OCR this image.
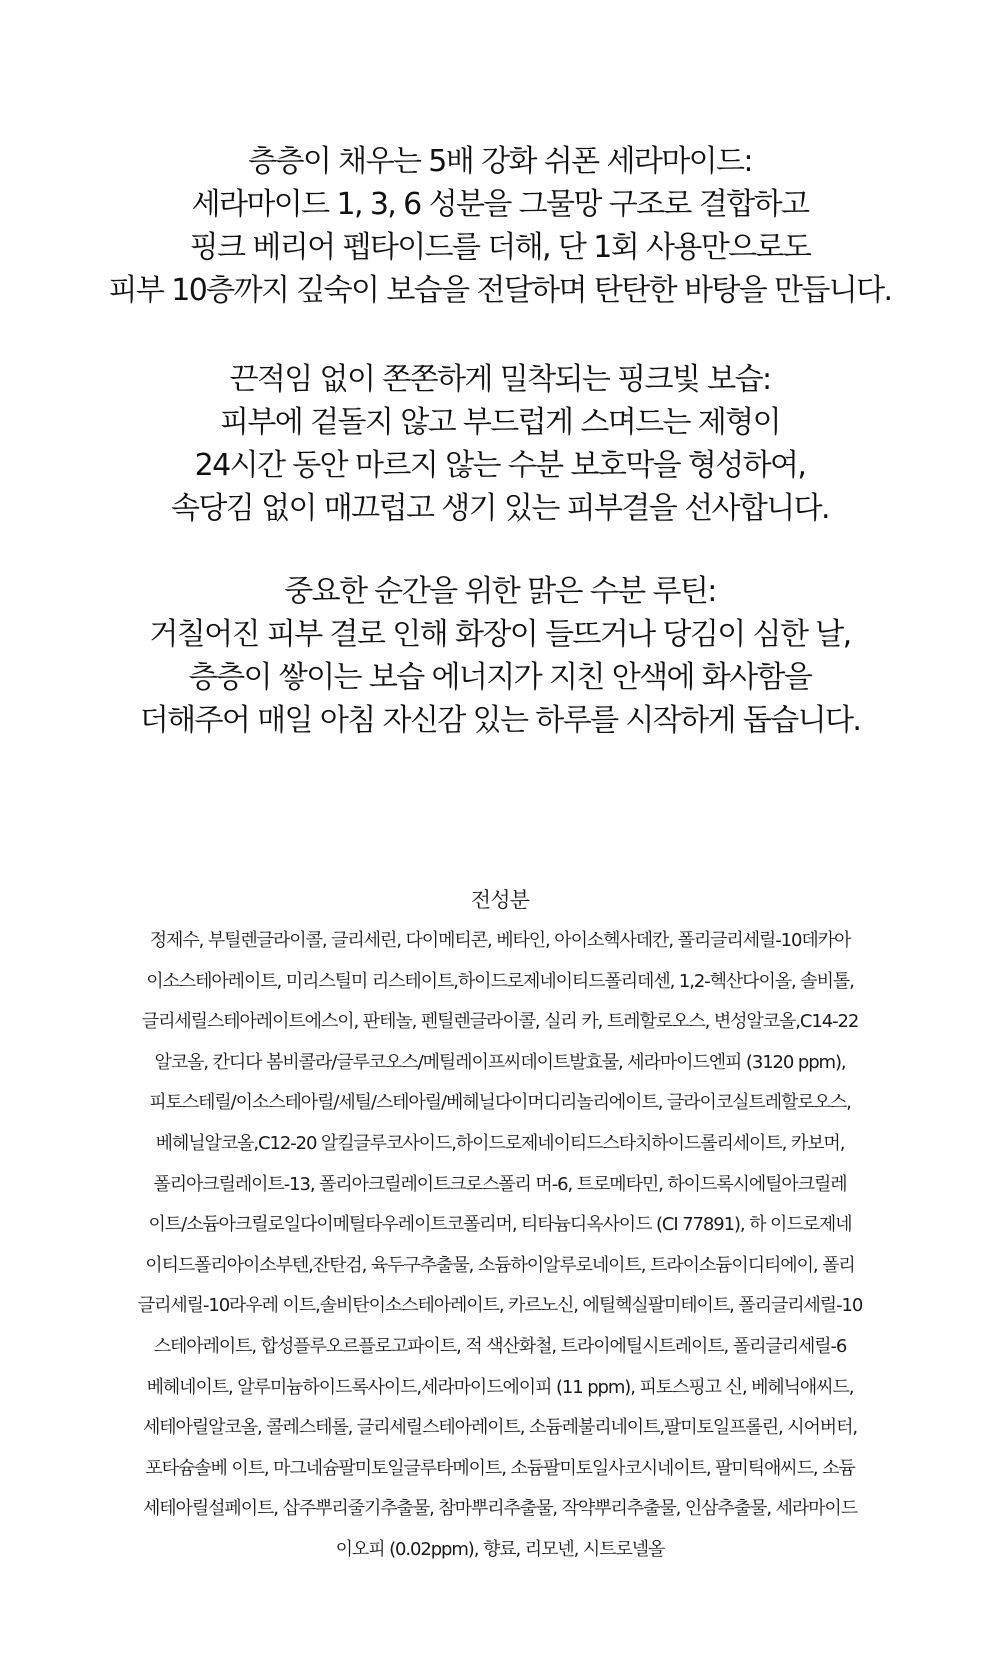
층층이 채우는 5배 강화 쉬폰 세라마이드:
세라마이드 1, 3, 6 성분을 그물망 구조로 결합하고
핑크 베리어 펩타이드를 더해, 단 1회 사용만으로도
피부 10층까지 깊숙이 보습을 전달하며 탄탄한 바탕을 만듭니다.
끈적임 없이 쫀쫀하게 밀착되는 핑크빛 보습:
피부에 겉돌지 않고 부드럽게 스며드는 제형이
24시간 동안 마르지 않는 수분 보호막을 형성하여,
속당김 없이 매끄럽고 생기 있는 피부결을 선사합니다.
중요한 순간을 위한 맑은 수분 루틴:
거칠어진 피부 결로 인해 화장이 들뜨거나 당김이 심한 날,
층층이 쌓이는 보습 에너지가 지친 안색에 화사함을
더해주어 매일 아침 자신감 있는 하루를 시작하게 돕습니다.
전성분
정제수, 부틸렌글라이콜, 글리세린, 다이메티콘, 베타인, 아이소헥사데칸, 폴리글리세릴-10데카아
이소스테아레이트, 미리스틸미 리스테이트,하이드로제네이티드폴리데센, 1,2-헥산다이올, 솔비톨,
글리세릴스테아레이트에스이, 판테놀, 펜틸렌글라이콜, 실리 카, 트레할로오스, 변성알코올,C14-22
알코올, 칸디다 봄비콜라/글루코오스/메틸레이프씨데이트발효물, 세라마이드엔피 (3120 ppm),
피토스테릴/이소스테아릴/세틸/스테아릴/베헤닐다이머디리놀리에이트, 글라이코실트레할로오스,
베헤닐알코올,C12-20 알킬글루코사이드,하이드로제네이티드스타치하이드롤리세이트, 카보머,
폴리아크릴레이트-13, 폴리아크릴레이트크로스폴리 머-6, 트로메타민, 하이드록시에틸아크릴레
이트/소듐아크릴로일다이메틸타우레이트코폴리머, 티타늄디옥사이드 (CI 77891), 하 이드로제네
이티드폴리아이소부텐,잔탄검, 육두구추출물, 소듐하이알루로네이트, 트라이소듐이디티에이, 폴리
글리세릴-10라우레 이트,솔비탄이소스테아레이트, 카르노신, 에틸헥실팔미테이트, 폴리글리세릴-10
스테아레이트, 합성플루오르플로고파이트, 적 색산화철, 트라이에틸시트레이트, 폴리글리세릴-6
베헤네이트, 알루미늄하이드록사이드,세라마이드에이피 (11 ppm), 피토스핑고 신, 베헤닉애씨드,
세테아릴알코올, 콜레스테롤, 글리세릴스테아레이트, 소듐레불리네이트,팔미토일프롤린, 시어버터,
포타슘솔베 이트, 마그네슘팔미토일글루타메이트, 소듐팔미토일사코시네이트, 팔미틱애씨드, 소듐
세테아릴설페이트, 삽주뿌리줄기추출물, 참마뿌리추출물, 작약뿌리추출물, 인삼추출물, 세라마이드
이오피 (0.02ppm), 향료, 리모넨, 시트로넬올
